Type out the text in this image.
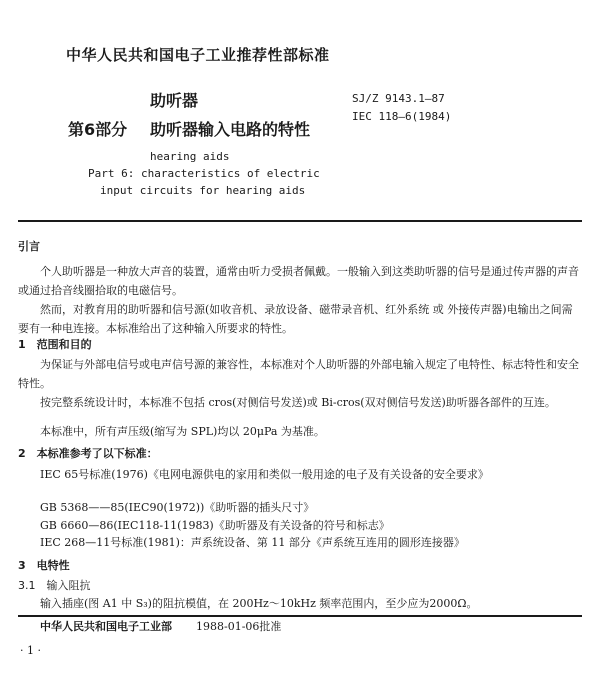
中华人民共和国电子工业推荐性部标准
助听器
第6部分 助听器输入电路的特性
SJ/Z 9143.1—87
IEC 118—6(1984)
hearing aids
Part 6: characteristics of electric
input circuits for hearing aids
引言
个人助听器是一种放大声音的装置，通常由听力受损者佩戴。一般输入到这类助听器的信号是通过传声器的声音或通过拾音线圈拾取的电磁信号。
然而，对教育用的助听器和信号源(如收音机、录放设备、磁带录音机、红外系统 或 外接传声器)电输出之间需要有一种电连接。本标准给出了这种输入所要求的特性。
1　范围和目的
为保证与外部电信号或电声信号源的兼容性，本标准对个人助听器的外部电输入规定了电特性、标志特性和安全特性。
按完整系统设计时，本标准不包括 cros(对侧信号发送)或 Bi-cros(双对侧信号发送)助听器各部件的互连。
本标准中，所有声压级(缩写为 SPL)均以 20μPa 为基准。
2　本标准参考了以下标准：
IEC 65号标准(1976)《电网电源供电的家用和类似一般用途的电子及有关设备的安全要求》
GB 5368——85(IEC90(1972))《助听器的插头尺寸》
GB 6660—86(IEC118-11(1983)《助听器及有关设备的符号和标志》
IEC 268—11号标准(1981)：声系统设备、第 11 部分《声系统互连用的圆形连接器》
3　电特性
3.1　输入阻抗
输入插座(图 A1 中 S₃)的阻抗模值，在 200Hz～10kHz 频率范围内，至少应为2000Ω。
中华人民共和国电子工业部 1988-01-06批准
· 1 ·
